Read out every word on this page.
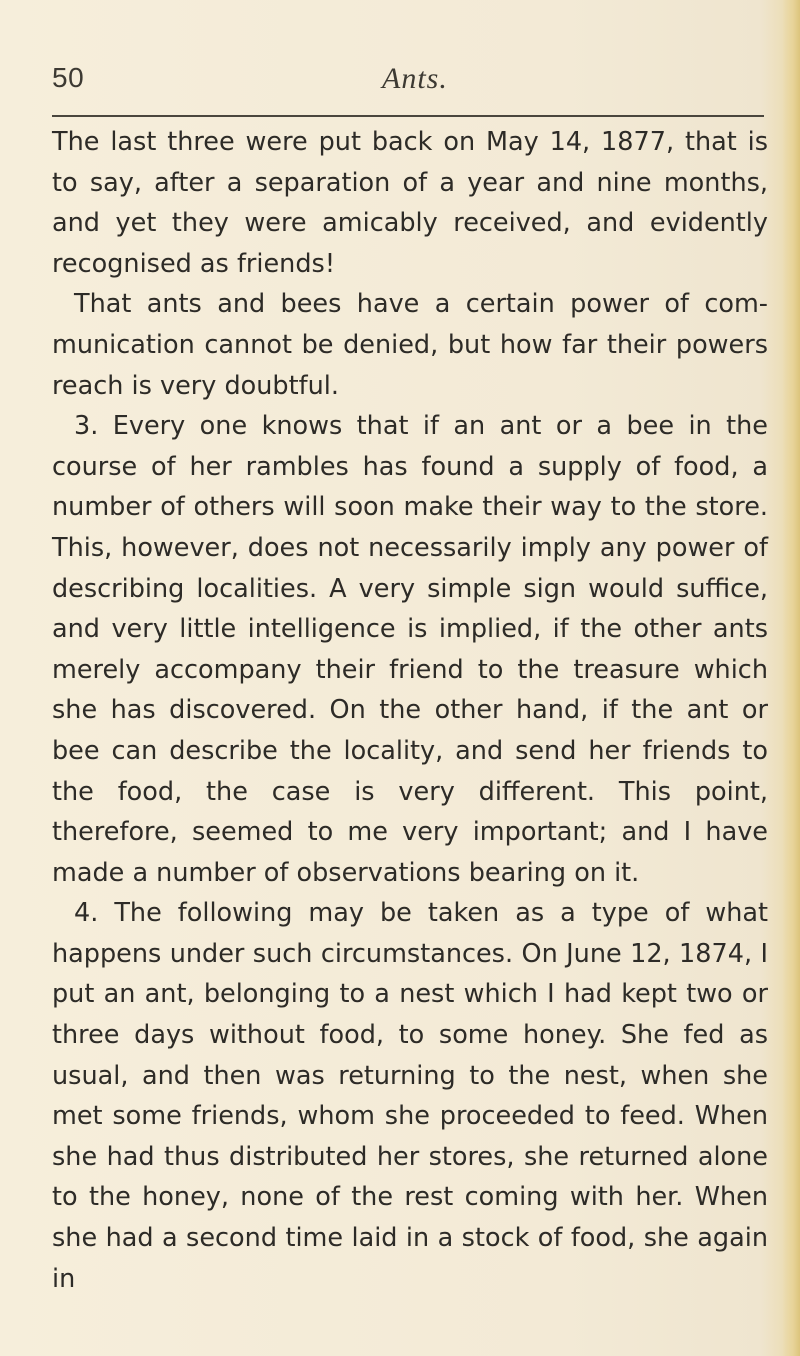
50	Ants.

The last three were put back on May 14, 1877, that is to say, after a separation of a year and nine months, and yet they were amicably received, and evidently recognised as friends!

That ants and bees have a certain power of communication cannot be denied, but how far their powers reach is very doubtful.

3. Every one knows that if an ant or a bee in the course of her rambles has found a supply of food, a number of others will soon make their way to the store. This, however, does not necessarily imply any power of describing localities. A very simple sign would suffice, and very little intelligence is implied, if the other ants merely accompany their friend to the treasure which she has discovered. On the other hand, if the ant or bee can describe the locality, and send her friends to the food, the case is very different. This point, therefore, seemed to me very important; and I have made a number of observations bearing on it.

4. The following may be taken as a type of what happens under such circumstances. On June 12, 1874, I put an ant, belonging to a nest which I had kept two or three days without food, to some honey. She fed as usual, and then was returning to the nest, when she met some friends, whom she proceeded to feed. When she had thus distributed her stores, she returned alone to the honey, none of the rest coming with her. When she had a second time laid in a stock of food, she again in
